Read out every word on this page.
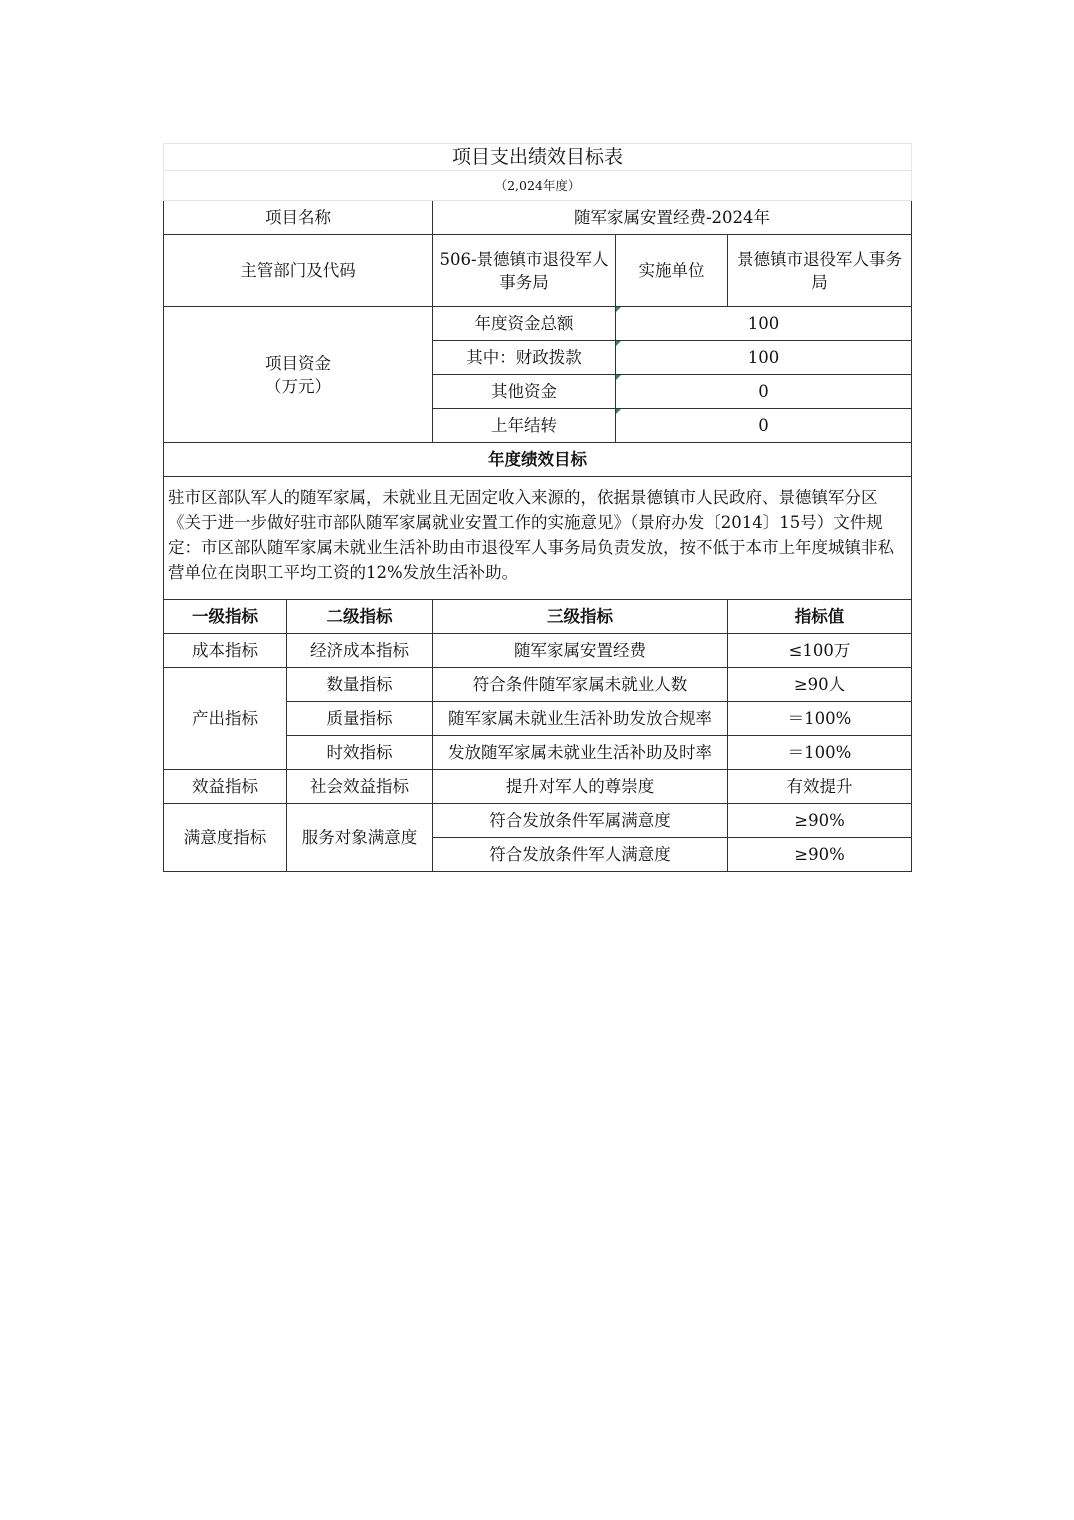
项目支出绩效目标表				
（2,024年度）				
项目名称		随军家属安置经费-2024年		
主管部门及代码		506-景德镇市退役军人事务局	实施单位	景德镇市退役军人事务局

项目资金
（万元）		年度资金总额	100	
		其中：财政拨款	100	
		其他资金	0	
		上年结转	0	
年度绩效目标				
驻市区部队军人的随军家属，未就业且无固定收入来源的，依据景德镇市人民政府、景德镇军分区《关于进一步做好驻市部队随军家属就业安置工作的实施意见》（景府办发〔2014〕15号）文件规定：市区部队随军家属未就业生活补助由市退役军人事务局负责发放，按不低于本市上年度城镇非私营单位在岗职工平均工资的12%发放生活补助。				
一级指标	二级指标	三级指标		指标值
成本指标	经济成本指标	随军家属安置经费		≤100万
产出指标	数量指标	符合条件随军家属未就业人数		≥90人
	质量指标	随军家属未就业生活补助发放合规率		＝100%
	时效指标	发放随军家属未就业生活补助及时率		＝100%
效益指标	社会效益指标	提升对军人的尊崇度		有效提升
满意度指标	服务对象满意度	符合发放条件军属满意度		≥90%
		符合发放条件军人满意度		≥90%
